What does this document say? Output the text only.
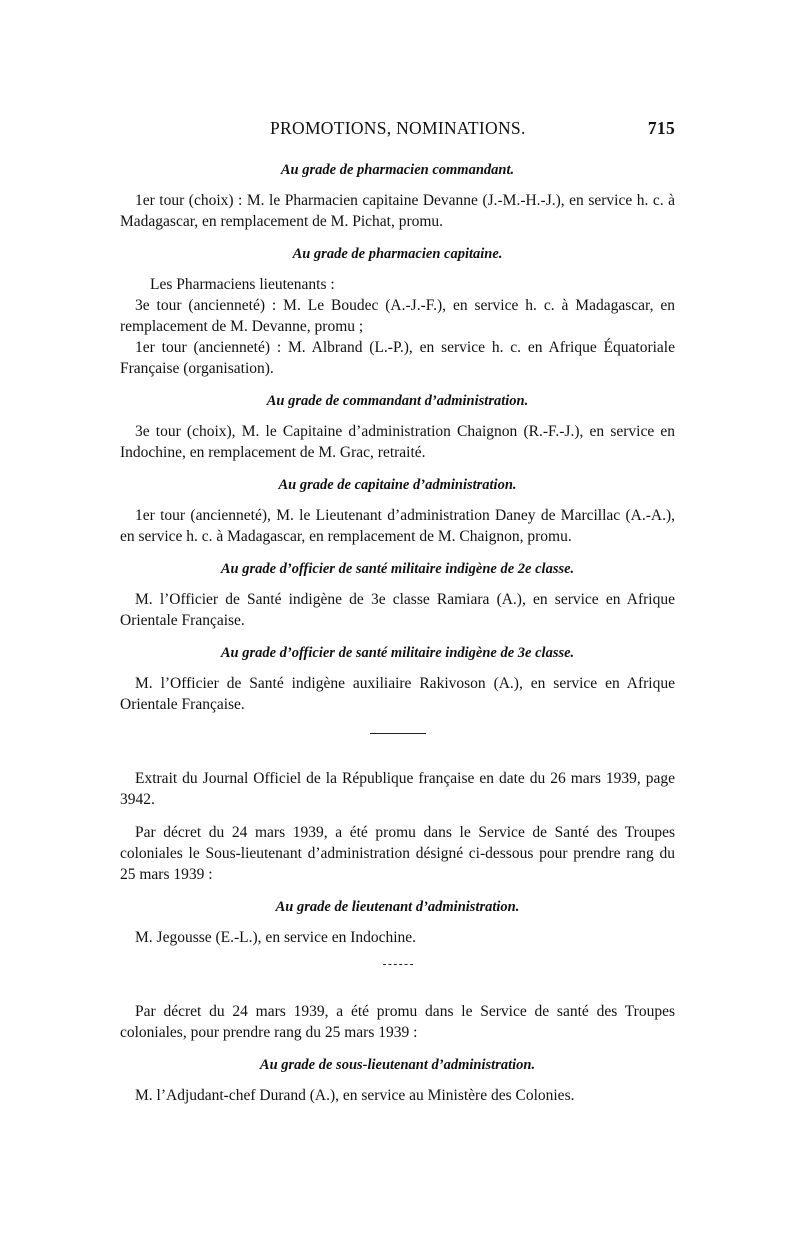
PROMOTIONS, NOMINATIONS.	715
Au grade de pharmacien commandant.

1er tour (choix) : M. le Pharmacien capitaine Devanne (J.-M.-H.-J.), en service h. c. à Madagascar, en remplacement de M. Pichat, promu.

Au grade de pharmacien capitaine.

Les Pharmaciens lieutenants :

3e tour (ancienneté) : M. Le Boudec (A.-J.-F.), en service h. c. à Madagascar, en remplacement de M. Devanne, promu ;

1er tour (ancienneté) : M. Albrand (L.-P.), en service h. c. en Afrique Équatoriale Française (organisation).

Au grade de commandant d’administration.

3e tour (choix), M. le Capitaine d’administration Chaignon (R.-F.-J.), en service en Indochine, en remplacement de M. Grac, retraité.

Au grade de capitaine d’administration.

1er tour (ancienneté), M. le Lieutenant d’administration Daney de Marcillac (A.-A.), en service h. c. à Madagascar, en remplacement de M. Chaignon, promu.

Au grade d’officier de santé militaire indigène de 2e classe.

M. l’Officier de Santé indigène de 3e classe Ramiara (A.), en service en Afrique Orientale Française.

Au grade d’officier de santé militaire indigène de 3e classe.

M. l’Officier de Santé indigène auxiliaire Rakivoson (A.), en service en Afrique Orientale Française.

Extrait du Journal Officiel de la République française en date du 26 mars 1939, page 3942.

Par décret du 24 mars 1939, a été promu dans le Service de Santé des Troupes coloniales le Sous-lieutenant d’administration désigné ci-dessous pour prendre rang du 25 mars 1939 :

Au grade de lieutenant d’administration.

M. Jegousse (E.-L.), en service en Indochine.

Par décret du 24 mars 1939, a été promu dans le Service de santé des Troupes coloniales, pour prendre rang du 25 mars 1939 :

Au grade de sous-lieutenant d’administration.

M. l’Adjudant-chef Durand (A.), en service au Ministère des Colonies.
